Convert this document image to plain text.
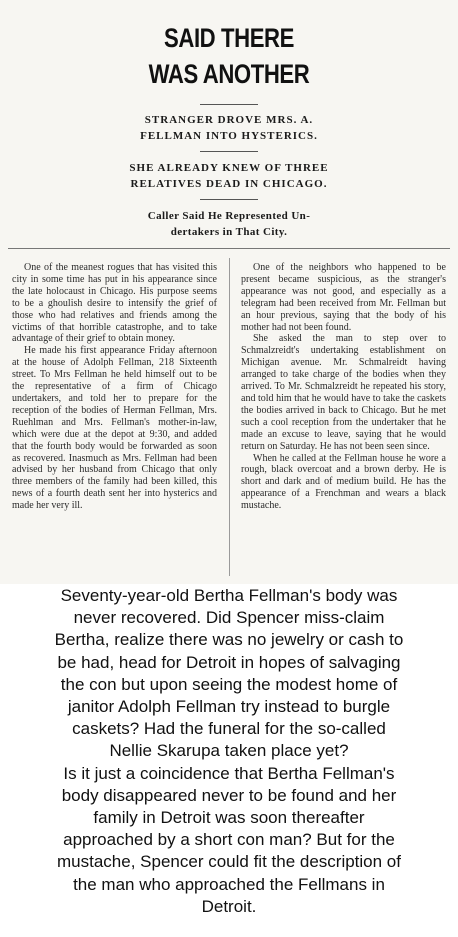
SAID THERE
WAS ANOTHER
STRANGER DROVE MRS. A.
FELLMAN INTO HYSTERICS.
SHE ALREADY KNEW OF THREE
RELATIVES DEAD IN CHICAGO.
Caller Said He Represented Un-
dertakers in That City.

One of the meanest rogues that has visited this city in some time has put in his appearance since the late holocaust in Chicago. His purpose seems to be a ghoulish desire to intensify the grief of those who had relatives and friends among the victims of that horrible catastrophe, and to take advantage of their grief to obtain money.

He made his first appearance Friday afternoon at the house of Adolph Fellman, 218 Sixteenth street. To Mrs Fellman he held himself out to be the representative of a firm of Chicago undertakers, and told her to prepare for the reception of the bodies of Herman Fellman, Mrs. Ruehlman and Mrs. Fellman's mother-in-law, which were due at the depot at 9:30, and added that the fourth body would be forwarded as soon as recovered. Inasmuch as Mrs. Fellman had been advised by her husband from Chicago that only three members of the family had been killed, this news of a fourth death sent her into hysterics and made her very ill.

One of the neighbors who happened to be present became suspicious, as the stranger's appearance was not good, and especially as a telegram had been received from Mr. Fellman but an hour previous, saying that the body of his mother had not been found.

She asked the man to step over to Schmalzreidt's undertaking establishment on Michigan avenue. Mr. Schmalreidt having arranged to take charge of the bodies when they arrived. To Mr. Schmalzreidt he repeated his story, and told him that he would have to take the caskets the bodies arrived in back to Chicago. But he met such a cool reception from the undertaker that he made an excuse to leave, saying that he would return on Saturday. He has not been seen since.

When he called at the Fellman house he wore a rough, black overcoat and a brown derby. He is short and dark and of medium build. He has the appearance of a Frenchman and wears a black mustache.

Seventy-year-old Bertha Fellman's body was
never recovered. Did Spencer miss-claim
Bertha, realize there was no jewelry or cash to
be had, head for Detroit in hopes of salvaging
the con but upon seeing the modest home of
janitor Adolph Fellman try instead to burgle
caskets? Had the funeral for the so-called
Nellie Skarupa taken place yet?
Is it just a coincidence that Bertha Fellman's
body disappeared never to be found and her
family in Detroit was soon thereafter
approached by a short con man? But for the
mustache, Spencer could fit the description of
the man who approached the Fellmans in
Detroit.
